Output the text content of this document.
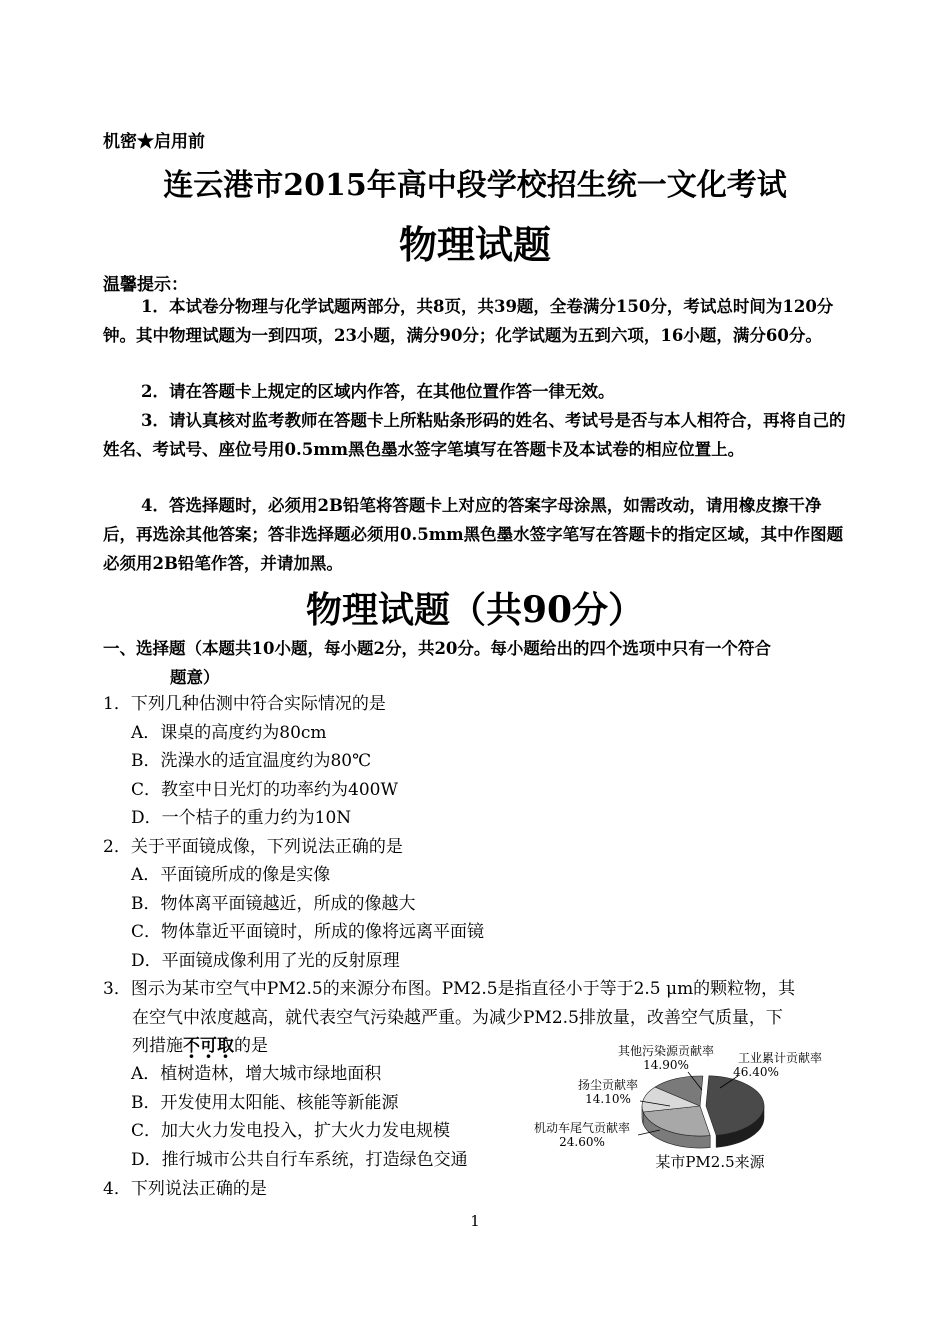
机密★启用前
连云港市2015年高中段学校招生统一文化考试
物理试题
温馨提示：
1．本试卷分物理与化学试题两部分，共8页，共39题，全卷满分150分，考试总时间为120分钟。其中物理试题为一到四项，23小题，满分90分；化学试题为五到六项，16小题，满分60分。
2．请在答题卡上规定的区域内作答，在其他位置作答一律无效。
3．请认真核对监考教师在答题卡上所粘贴条形码的姓名、考试号是否与本人相符合，再将自己的姓名、考试号、座位号用0.5mm黑色墨水签字笔填写在答题卡及本试卷的相应位置上。
4．答选择题时，必须用2B铅笔将答题卡上对应的答案字母涂黑，如需改动，请用橡皮擦干净后，再选涂其他答案；答非选择题必须用0.5mm黑色墨水签字笔写在答题卡的指定区域，其中作图题必须用2B铅笔作答，并请加黑。
物理试题（共90分）
一、选择题（本题共10小题，每小题2分，共20分。每小题给出的四个选项中只有一个符合
题意）
1．下列几种估测中符合实际情况的是
A．课桌的高度约为80cm
B．洗澡水的适宜温度约为80℃
C．教室中日光灯的功率约为400W
D．一个桔子的重力约为10N
2．关于平面镜成像，下列说法正确的是
A．平面镜所成的像是实像
B．物体离平面镜越近，所成的像越大
C．物体靠近平面镜时，所成的像将远离平面镜
D．平面镜成像利用了光的反射原理
3．图示为某市空气中PM2.5的来源分布图。PM2.5是指直径小于等于2.5 μm的颗粒物，其
在空气中浓度越高，就代表空气污染越严重。为减少PM2.5排放量，改善空气质量，下
列措施不可取的是
A．植树造林，增大城市绿地面积
B．开发使用太阳能、核能等新能源
C．加大火力发电投入，扩大火力发电规模
D．推行城市公共自行车系统，打造绿色交通
4．下列说法正确的是
其他污染源贡献率
14.90%	工业累计贡献率
46.40%
扬尘贡献率
14.10%
机动车尾气贡献率
24.60%
某市PM2.5来源
1
